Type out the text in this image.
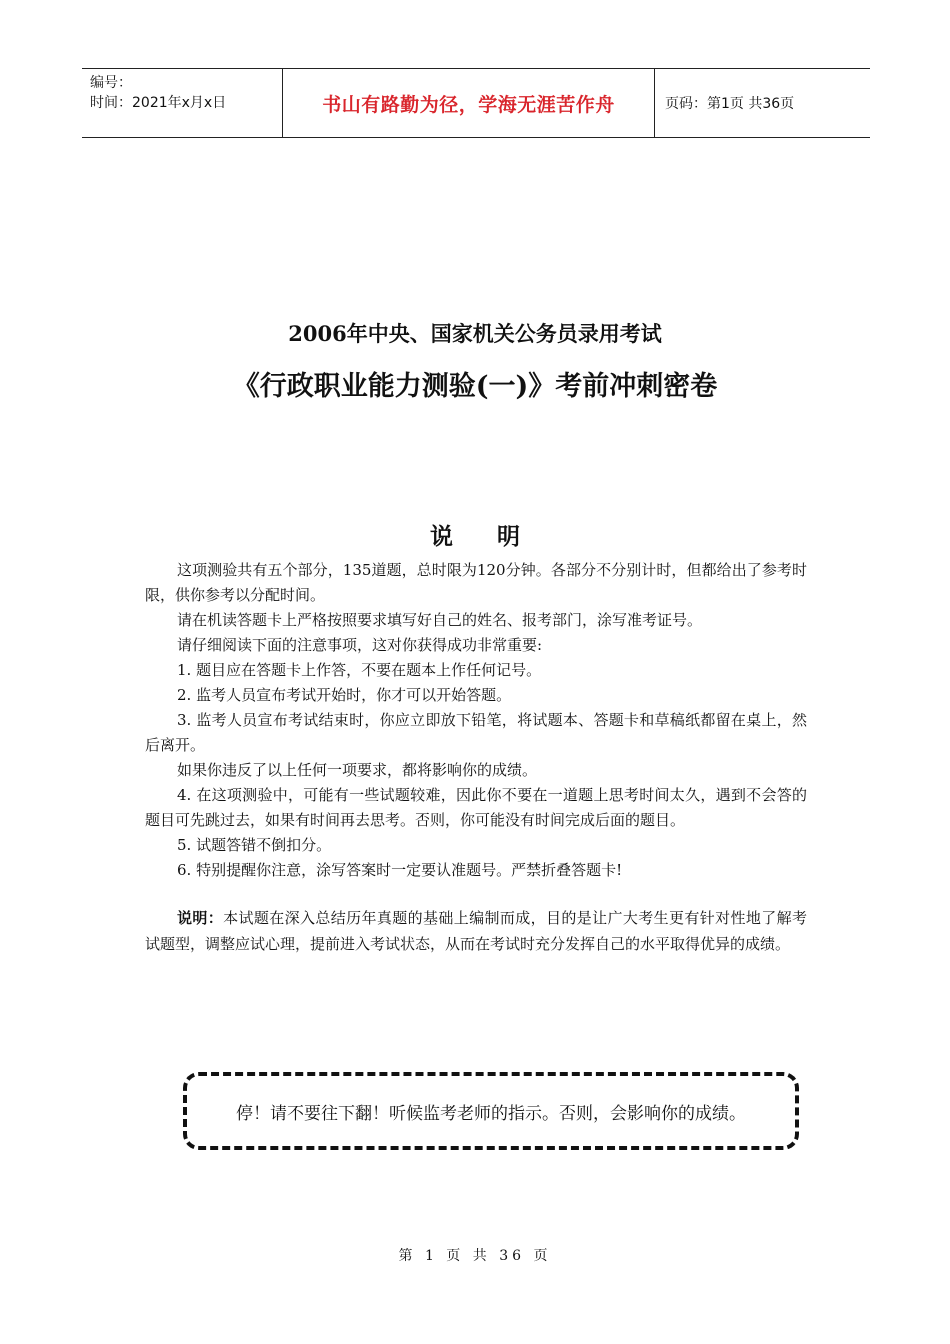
编号：
时间：2021年x月x日	书山有路勤为径，学海无涯苦作舟	页码：第1页 共36页
2006年中央、国家机关公务员录用考试
《行政职业能力测验(一)》考前冲刺密卷
说明

这项测验共有五个部分，135道题，总时限为120分钟。各部分不分别计时，但都给出了参考时限，供你参考以分配时间。

请在机读答题卡上严格按照要求填写好自己的姓名、报考部门，涂写准考证号。

请仔细阅读下面的注意事项，这对你获得成功非常重要:

1. 题目应在答题卡上作答，不要在题本上作任何记号。

2. 监考人员宣布考试开始时，你才可以开始答题。

3. 监考人员宣布考试结束时，你应立即放下铅笔，将试题本、答题卡和草稿纸都留在桌上，然后离开。

如果你违反了以上任何一项要求，都将影响你的成绩。

4. 在这项测验中，可能有一些试题较难，因此你不要在一道题上思考时间太久，遇到不会答的题目可先跳过去，如果有时间再去思考。否则，你可能没有时间完成后面的题目。

5. 试题答错不倒扣分。

6. 特别提醒你注意，涂写答案时一定要认准题号。严禁折叠答题卡!

说明：本试题在深入总结历年真题的基础上编制而成，目的是让广大考生更有针对性地了解考试题型，调整应试心理，提前进入考试状态，从而在考试时充分发挥自己的水平取得优异的成绩。

停！请不要往下翻！听候监考老师的指示。否则，会影响你的成绩。
第 1 页 共 36 页
